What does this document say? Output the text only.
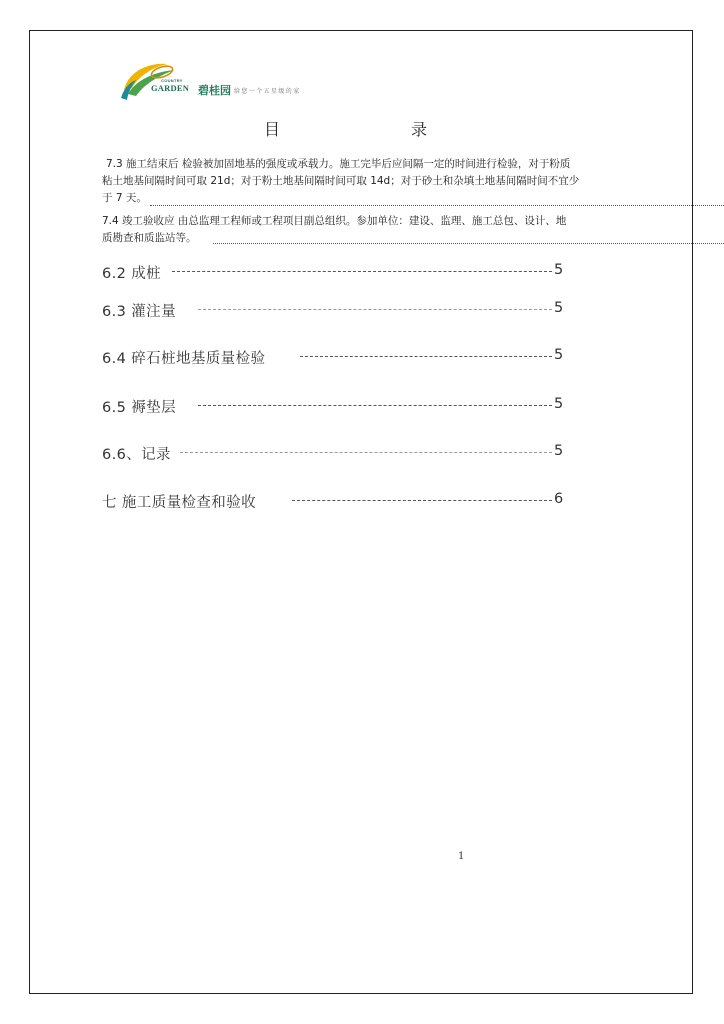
COUNTRY
GARDEN 碧桂园 给您一个五星级的家
目	录

7.3 施工结束后 检验被加固地基的强度或承载力。施工完毕后应间隔一定的时间进行检验，对于粉质

粘土地基间隔时间可取 21d；对于粉土地基间隔时间可取 14d；对于砂土和杂填土地基间隔时间不宜少

于 7 天。

7.4 竣工验收应 由总监理工程师或工程项目副总组织。参加单位：建设、监理、施工总包、设计、地

质勘查和质监站等。

6.2 成桩	5
6.3 灌注量	5
6.4 碎石桩地基质量检验	5
6.5 褥垫层	5
6.6、记录	5
七 施工质量检查和验收	6
1
